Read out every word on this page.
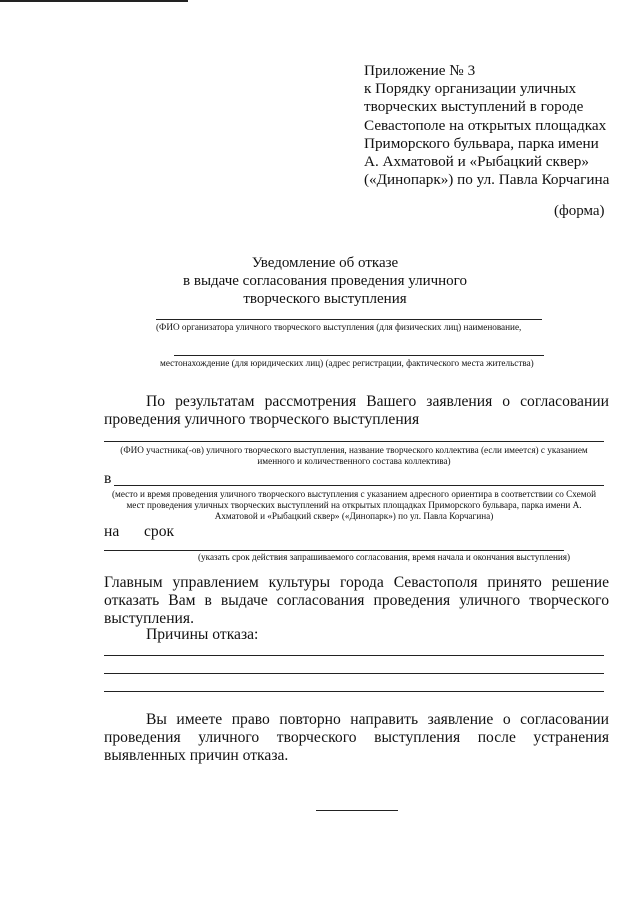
Приложение № 3
к Порядку организации уличных
творческих выступлений в городе
Севастополе на открытых площадках
Приморского бульвара, парка имени
А. Ахматовой и «Рыбацкий сквер»
(«Динопарк») по ул. Павла Корчагина
(форма)
Уведомление об отказе
в выдаче согласования проведения уличного
творческого выступления
(ФИО организатора уличного творческого выступления (для физических лиц) наименование,
местонахождение (для юридических лиц) (адрес регистрации, фактического места жительства)
По результатам рассмотрения Вашего заявления о согласовании проведения уличного творческого выступления
(ФИО участника(-ов) уличного творческого выступления, название творческого коллектива (если имеется) с указанием именного и количественного состава коллектива)
в
(место и время проведения уличного творческого выступления с указанием адресного ориентира в соответствии со Схемой мест проведения уличных творческих выступлений на открытых площадках Приморского бульвара, парка имени А. Ахматовой и «Рыбацкий сквер» («Динопарк») по ул. Павла Корчагина)
на срок
(указать срок действия запрашиваемого согласования, время начала и окончания выступления)
Главным управлением культуры города Севастополя принято решение отказать Вам в выдаче согласования проведения уличного творческого выступления.
Причины отказа:
Вы имеете право повторно направить заявление о согласовании проведения уличного творческого выступления после устранения выявленных причин отказа.
